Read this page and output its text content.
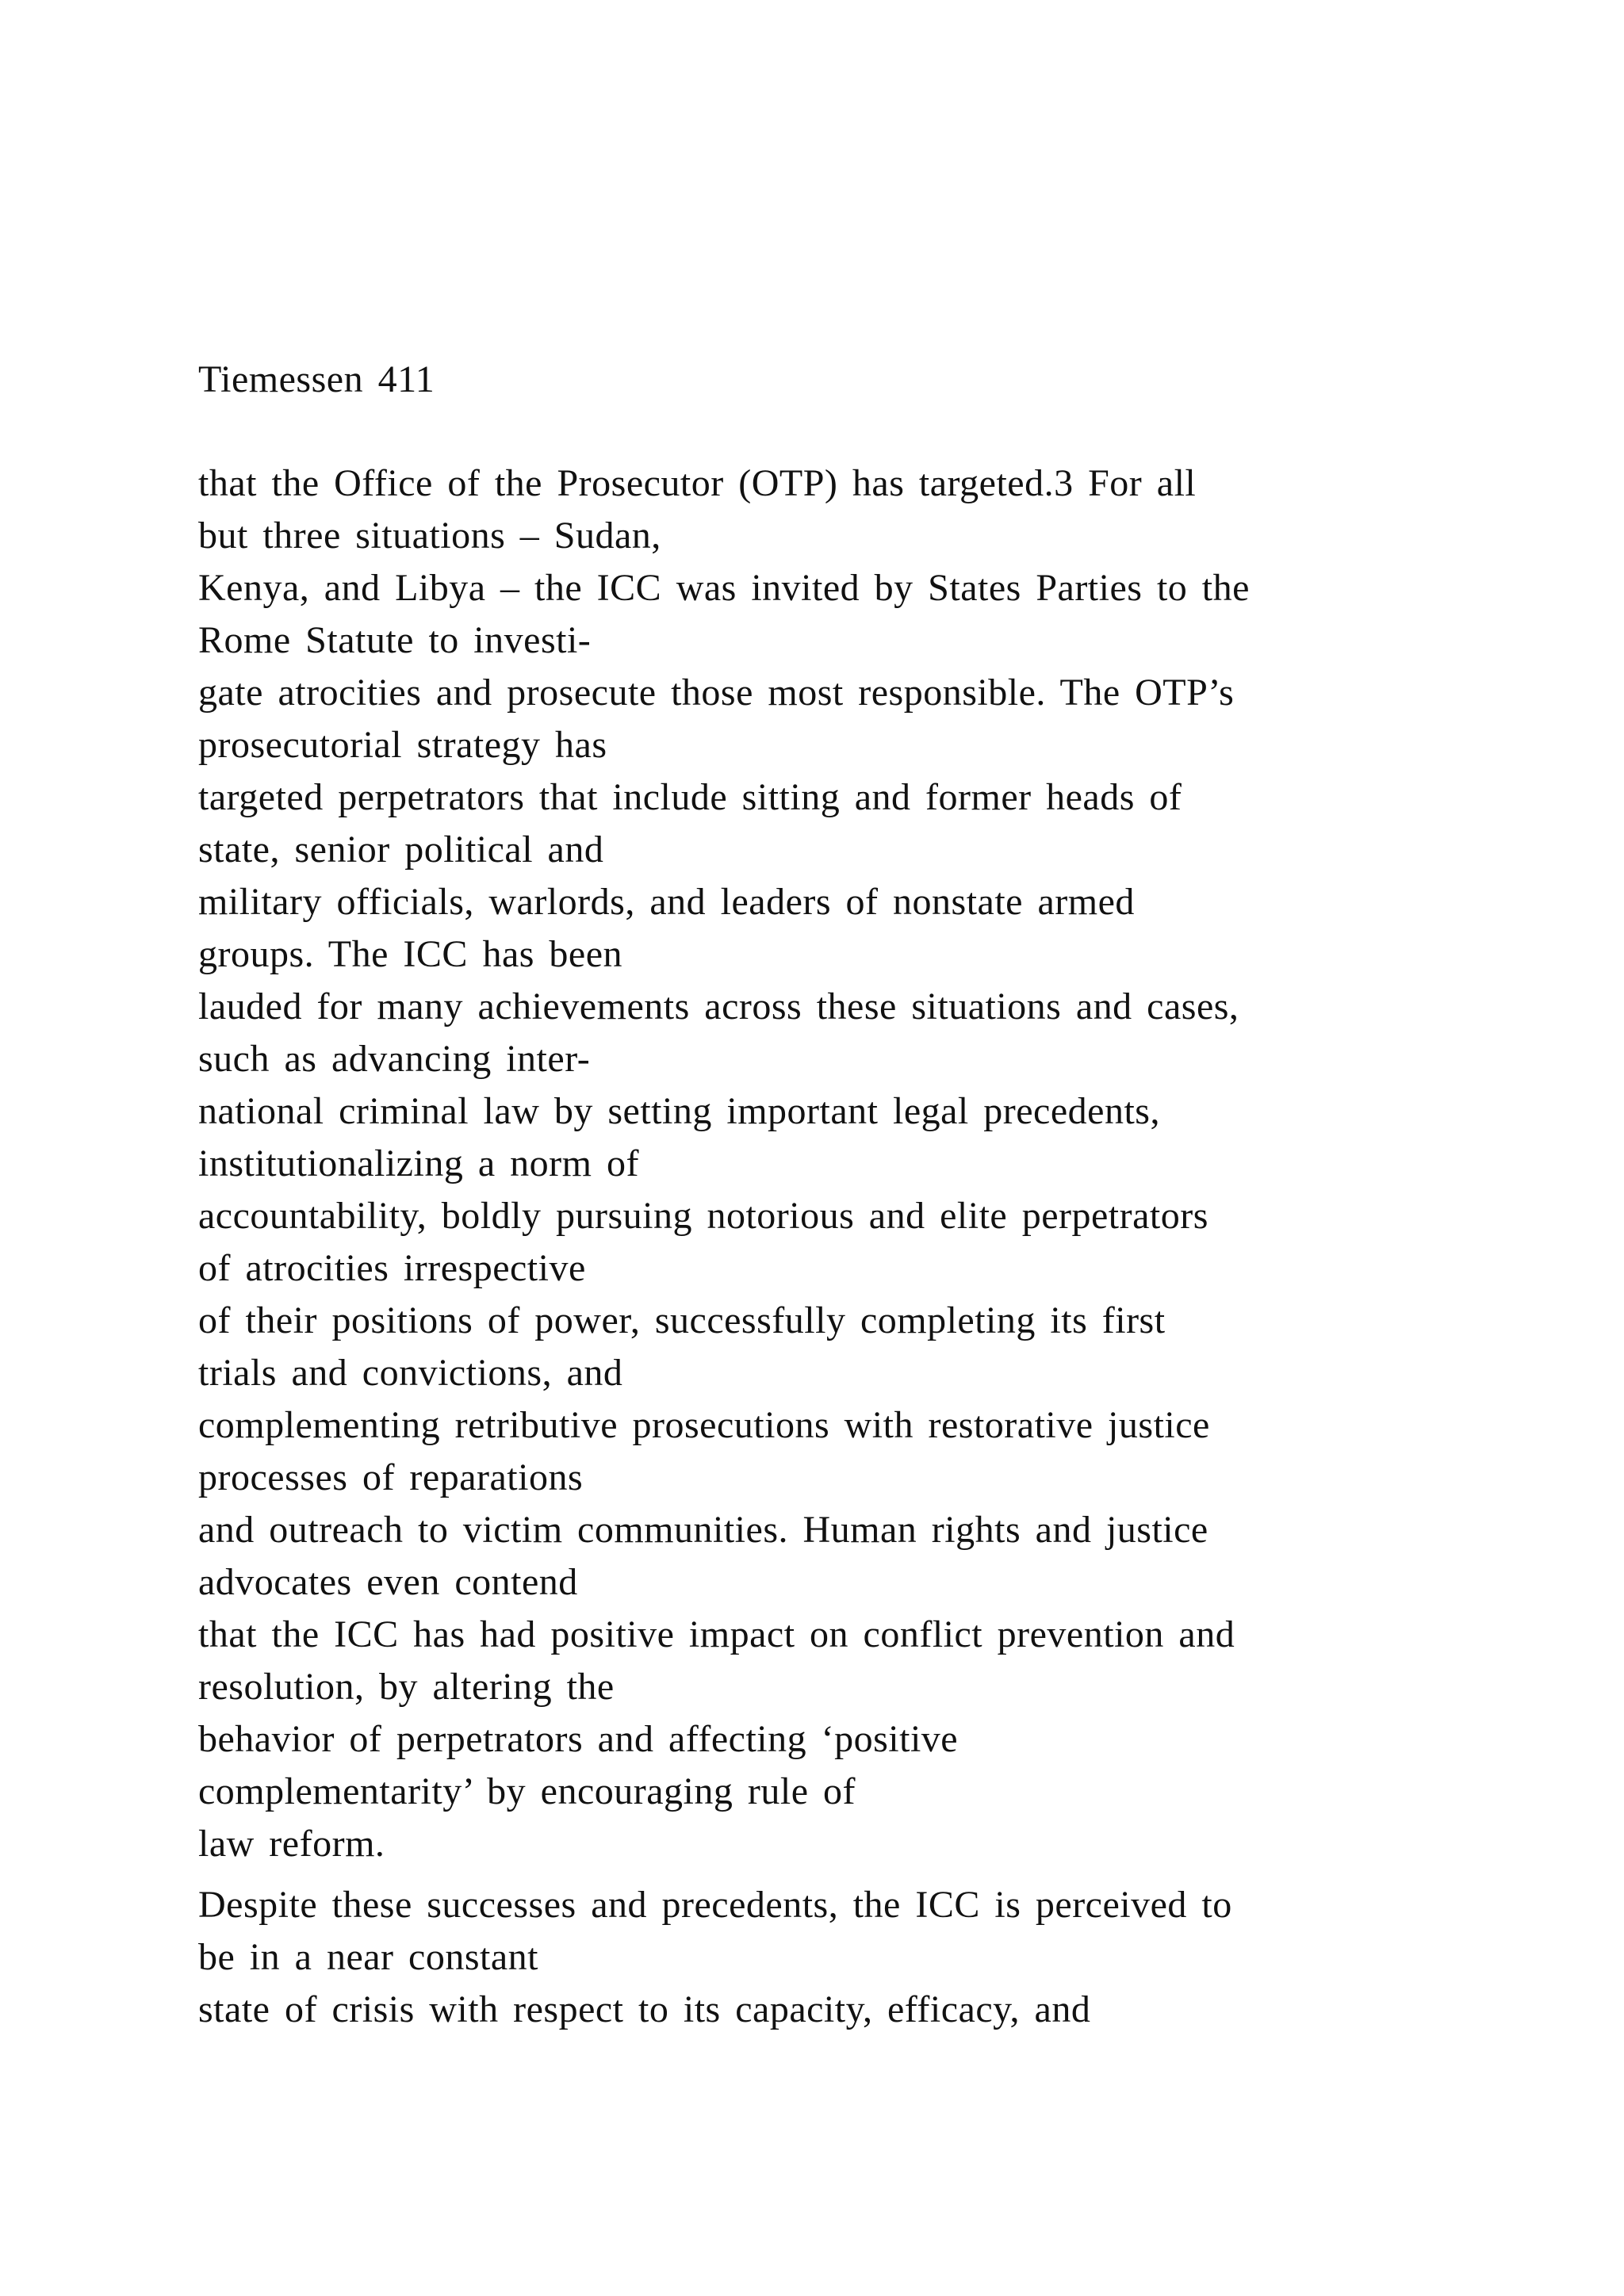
Tiemessen 411
that the Office of the Prosecutor (OTP) has targeted.3 For all
but three situations – Sudan,
Kenya, and Libya – the ICC was invited by States Parties to the
Rome Statute to investi-
gate atrocities and prosecute those most responsible. The OTP’s
prosecutorial strategy has
targeted perpetrators that include sitting and former heads of
state, senior political and
military officials, warlords, and leaders of nonstate armed
groups. The ICC has been
lauded for many achievements across these situations and cases,
such as advancing inter-
national criminal law by setting important legal precedents,
institutionalizing a norm of
accountability, boldly pursuing notorious and elite perpetrators
of atrocities irrespective
of their positions of power, successfully completing its first
trials and convictions, and
complementing retributive prosecutions with restorative justice
processes of reparations
and outreach to victim communities. Human rights and justice
advocates even contend
that the ICC has had positive impact on conflict prevention and
resolution, by altering the
behavior of perpetrators and affecting ‘positive
complementarity’ by encouraging rule of
law reform.
Despite these successes and precedents, the ICC is perceived to
be in a near constant
state of crisis with respect to its capacity, efficacy, and
